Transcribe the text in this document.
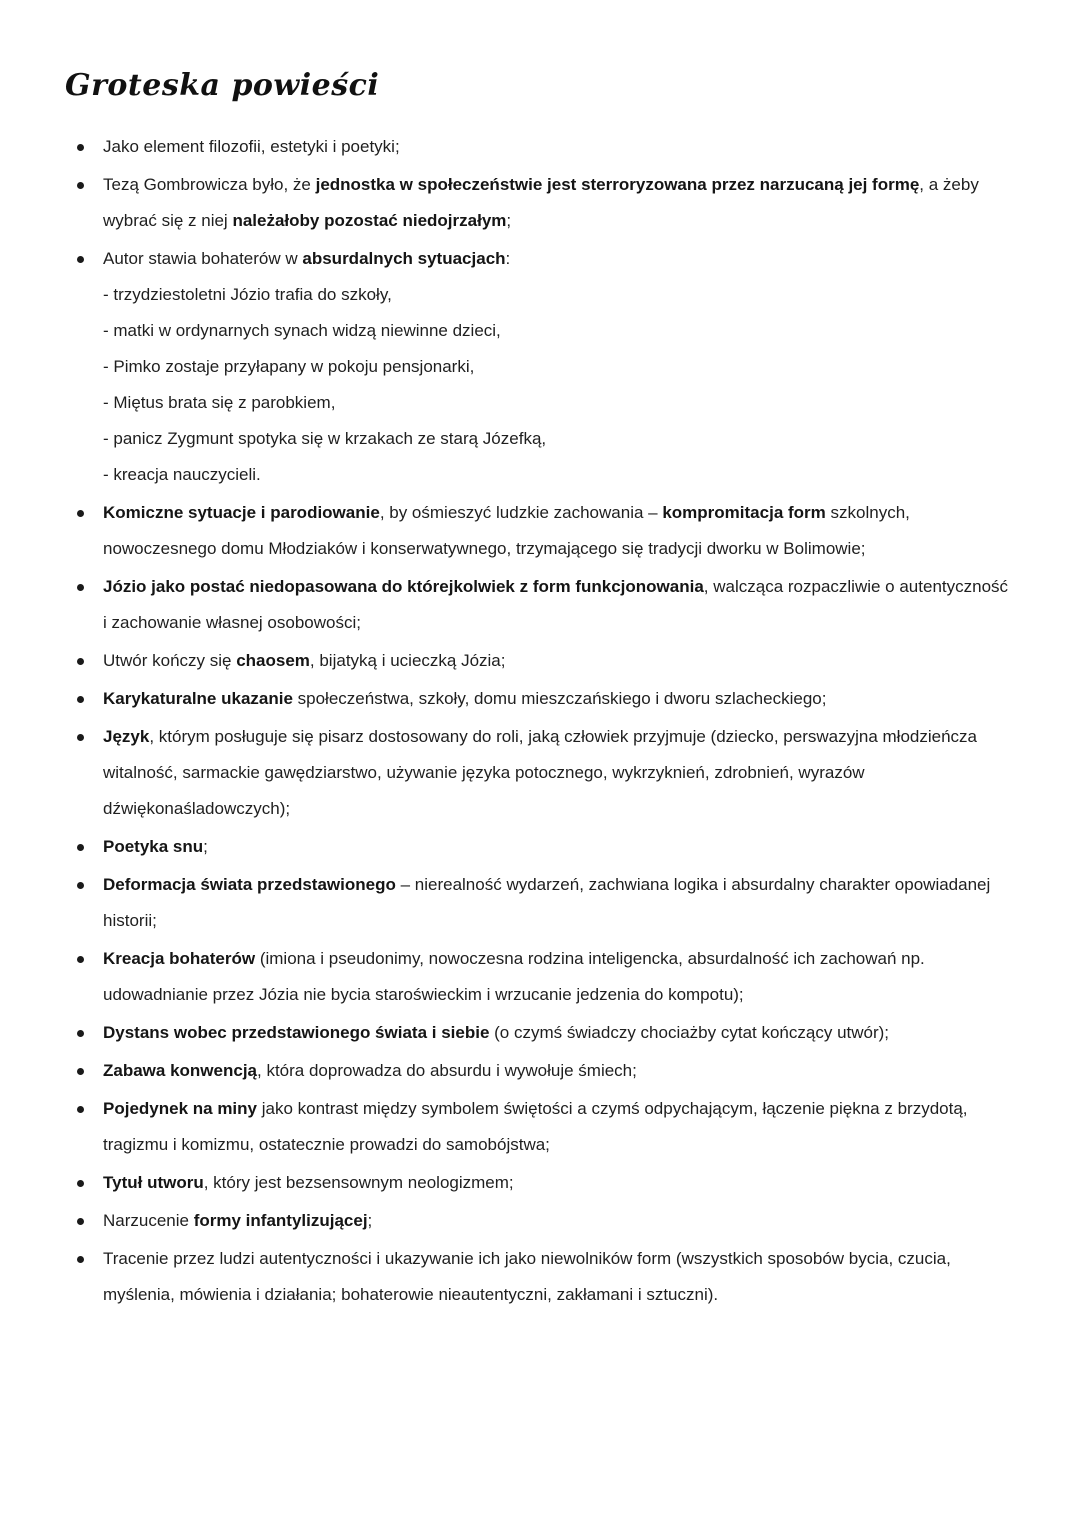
Groteska powieści
Jako element filozofii, estetyki i poetyki;
Tezą Gombrowicza było, że jednostka w społeczeństwie jest sterroryzowana przez narzucaną jej formę, a żeby wybrać się z niej należałoby pozostać niedojrzałym;
Autor stawia bohaterów w absurdalnych sytuacjach:
- trzydziestoletni Józio trafia do szkoły,
- matki w ordynarnych synach widzą niewinne dzieci,
- Pimko zostaje przyłapany w pokoju pensjonarki,
- Miętus brata się z parobkiem,
- panicz Zygmunt spotyka się w krzakach ze starą Józefką,
- kreacja nauczycieli.
Komiczne sytuacje i parodiowanie, by ośmieszyć ludzkie zachowania – kompromitacja form szkolnych, nowoczesnego domu Młodziaków i konserwatywnego, trzymającego się tradycji dworku w Bolimowie;
Józio jako postać niedopasowana do którejkolwiek z form funkcjonowania, walcząca rozpaczliwie o autentyczność i zachowanie własnej osobowości;
Utwór kończy się chaosem, bijatyką i ucieczką Józia;
Karykaturalne ukazanie społeczeństwa, szkoły, domu mieszczańskiego i dworu szlacheckiego;
Język, którym posługuje się pisarz dostosowany do roli, jaką człowiek przyjmuje (dziecko, perswazyjna młodzieńcza witalność, sarmackie gawędziarstwo, używanie języka potocznego, wykrzyknień, zdrobnień, wyrazów dźwiękonaśladowczych);
Poetyka snu;
Deformacja świata przedstawionego – nierealność wydarzeń, zachwiana logika i absurdalny charakter opowiadanej historii;
Kreacja bohaterów (imiona i pseudonimy, nowoczesna rodzina inteligencka, absurdalność ich zachowań np. udowadnianie przez Józia nie bycia staroświeckim i wrzucanie jedzenia do kompotu);
Dystans wobec przedstawionego świata i siebie (o czymś świadczy chociażby cytat kończący utwór);
Zabawa konwencją, która doprowadza do absurdu i wywołuje śmiech;
Pojedynek na miny jako kontrast między symbolem świętości a czymś odpychającym, łączenie piękna z brzydotą, tragizmu i komizmu, ostatecznie prowadzi do samobójstwa;
Tytuł utworu, który jest bezsensownym neologizmem;
Narzucenie formy infantylizującej;
Tracenie przez ludzi autentyczności i ukazywanie ich jako niewolników form (wszystkich sposobów bycia, czucia, myślenia, mówienia i działania; bohaterowie nieautentyczni, zakłamani i sztuczni).
